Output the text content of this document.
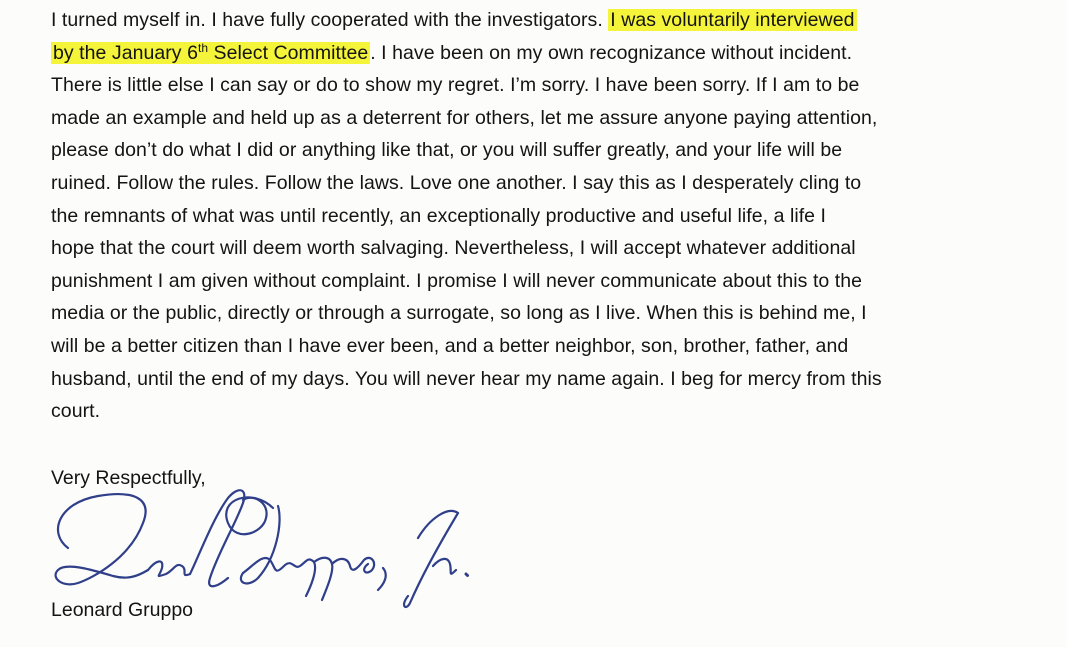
I turned myself in. I have fully cooperated with the investigators. I was voluntarily interviewed
by the January 6th Select Committee . I have been on my own recognizance without incident.
There is little else I can say or do to show my regret. I’m sorry. I have been sorry. If I am to be
made an example and held up as a deterrent for others, let me assure anyone paying attention,
please don’t do what I did or anything like that, or you will suffer greatly, and your life will be
ruined. Follow the rules. Follow the laws. Love one another. I say this as I desperately cling to
the remnants of what was until recently, an exceptionally productive and useful life, a life I
hope that the court will deem worth salvaging. Nevertheless, I will accept whatever additional
punishment I am given without complaint. I promise I will never communicate about this to the
media or the public, directly or through a surrogate, so long as I live. When this is behind me, I
will be a better citizen than I have ever been, and a better neighbor, son, brother, father, and
husband, until the end of my days. You will never hear my name again. I beg for mercy from this
court.
Very Respectfully,
Leonard Gruppo
